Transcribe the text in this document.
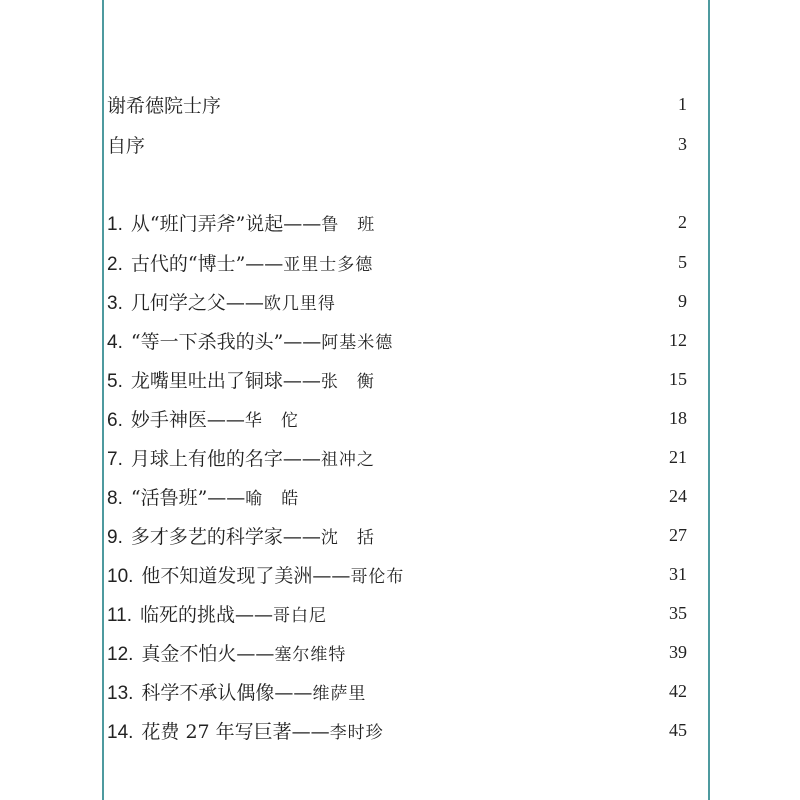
谢希德院士序	1
自序	3
1. 从“班门弄斧”说起—— 鲁　班	2
2. 古代的“博士”—— 亚里士多德	5
3. 几何学之父—— 欧几里得	9
4. “等一下杀我的头”—— 阿基米德	12
5. 龙嘴里吐出了铜球—— 张　衡	15
6. 妙手神医—— 华　佗	18
7. 月球上有他的名字—— 祖冲之	21
8. “活鲁班”—— 喻　皓	24
9. 多才多艺的科学家—— 沈　括	27
10. 他不知道发现了美洲—— 哥伦布	31
11. 临死的挑战—— 哥白尼	35
12. 真金不怕火—— 塞尔维特	39
13. 科学不承认偶像—— 维萨里	42
14. 花费 27 年写巨著—— 李时珍	45
